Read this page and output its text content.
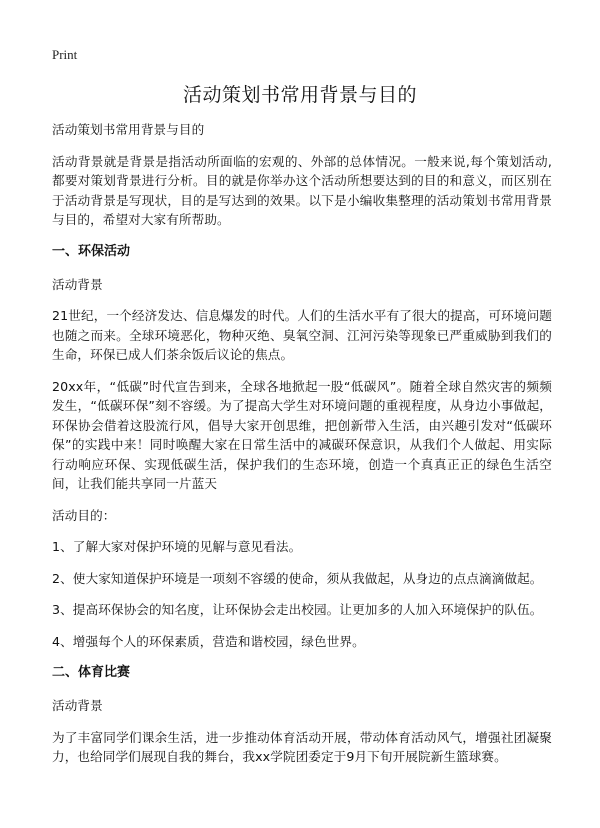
Print
活动策划书常用背景与目的

活动策划书常用背景与目的

活动背景就是背景是指活动所面临的宏观的、外部的总体情况。一般来说,每个策划活动,都要对策划背景进行分析。目的就是你举办这个活动所想要达到的目的和意义，而区别在于活动背景是写现状，目的是写达到的效果。以下是小编收集整理的活动策划书常用背景与目的，希望对大家有所帮助。

一、环保活动

活动背景

21世纪，一个经济发达、信息爆发的时代。人们的生活水平有了很大的提高，可环境问题也随之而来。全球环境恶化，物种灭绝、臭氧空洞、江河污染等现象已严重威胁到我们的生命，环保已成人们茶余饭后议论的焦点。

20xx年，“低碳”时代宣告到来，全球各地掀起一股“低碳风”。随着全球自然灾害的频频发生，“低碳环保”刻不容缓。为了提高大学生对环境问题的重视程度，从身边小事做起，环保协会借着这股流行风，倡导大家开创思维，把创新带入生活，由兴趣引发对“低碳环保”的实践中来！同时唤醒大家在日常生活中的减碳环保意识，从我们个人做起、用实际行动响应环保、实现低碳生活，保护我们的生态环境，创造一个真真正正的绿色生活空间，让我们能共享同一片蓝天

活动目的：

1、了解大家对保护环境的见解与意见看法。

2、使大家知道保护环境是一项刻不容缓的使命，须从我做起，从身边的点点滴滴做起。

3、提高环保协会的知名度，让环保协会走出校园。让更加多的人加入环境保护的队伍。

4、增强每个人的环保素质，营造和谐校园，绿色世界。

二、体育比赛

活动背景

为了丰富同学们课余生活，进一步推动体育活动开展，带动体育活动风气，增强社团凝聚力，也给同学们展现自我的舞台，我xx学院团委定于9月下旬开展院新生篮球赛。
